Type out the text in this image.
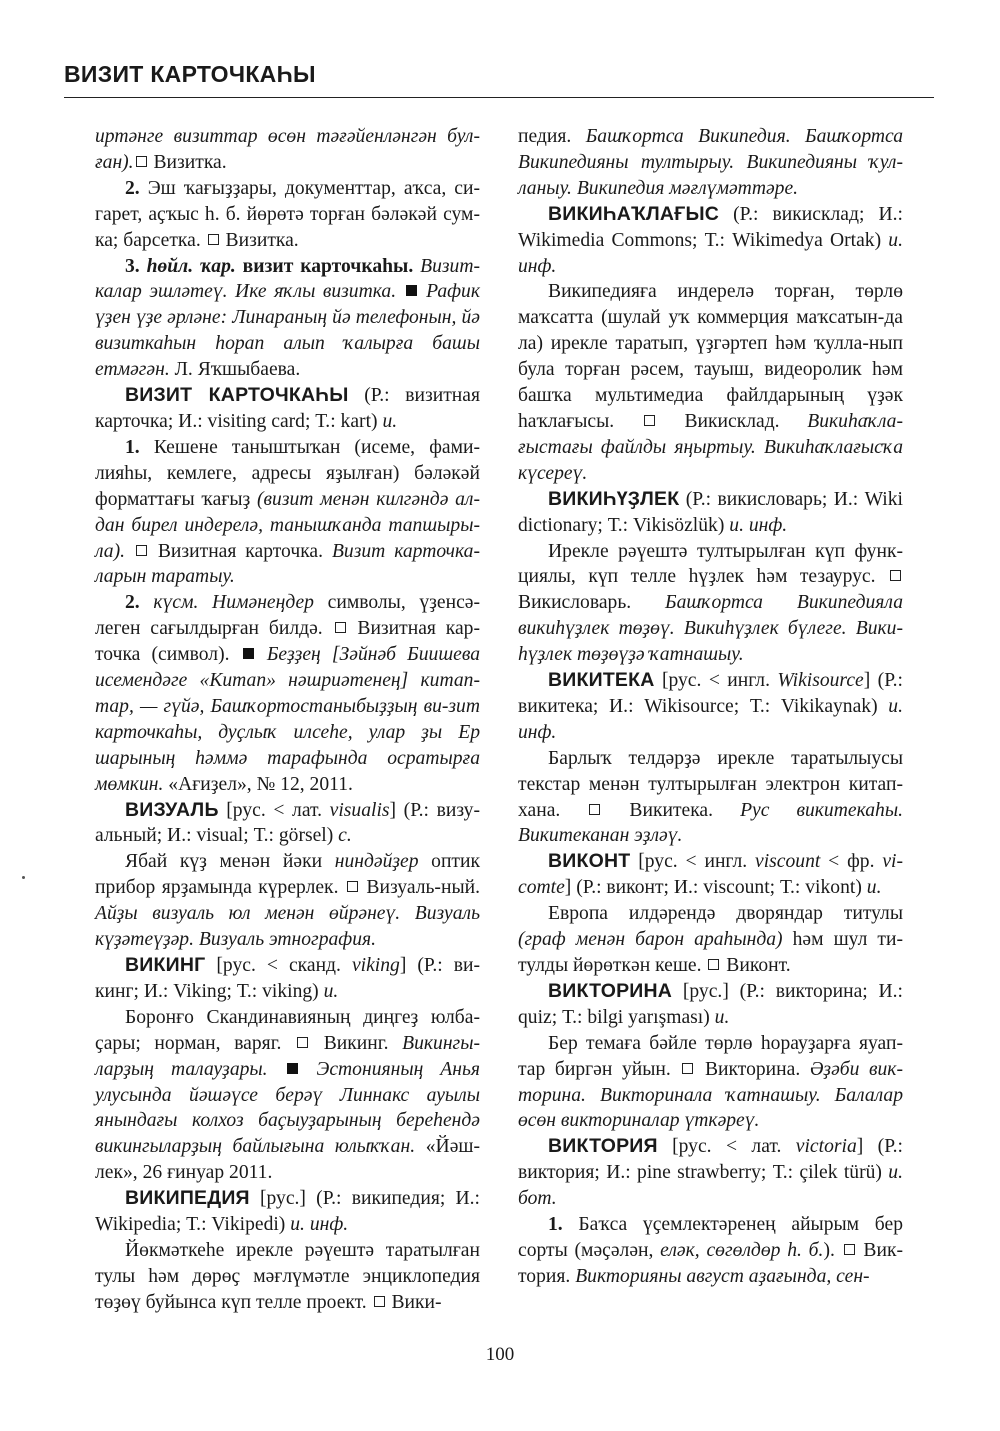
ВИЗИТ КАРТОЧКАҺЫ

иртәнге визиттар өсөн тәғәйенләнгән бул-ған). Визитка.

2. Эш ҡағыҙҙары, документтар, аҡса, си-гарет, аҫҡыс һ. б. йөрөтә торған бәләкәй сум-ка; барсетка.  Визитка.

3. һөйл. ҡар. визит карточкаһы. Визит-калар эшләтеү. Ике яҡлы визитка.  Рафик үҙен үҙе әрләне: Линараның йә телефонын, йә визиткаһын һорап алып ҡалырға башы етмәгән. Л. Яҡшыбаева.

ВИЗИТ КАРТОЧКАҺЫ (Р.: визитная карточка; И.: visiting card; Т.: kart) и.

1. Кешене таныштыҡан (исеме, фами-лияһы, кемлеге, адресы яҙылған) бәләкәй форматтағы ҡағыҙ (визит менән килгәндә ал-дан бирел индерелә, танышҡанда тапшыры-ла).  Визитная карточка. Визит карточка-ларын таратыу.

2. күсм. Нимәнеңдер символы, үҙенсә-леген сағылдырған билдә.  Визитная кар-точка (символ).  Беҙҙең [Зәйнәб Биишева исемендәге «Китап» нәшриәтенең] китап-тар, — гүйә, Башҡортостаныбыҙҙың ви-зит карточкаһы, дуҫлыҡ илсеһе, улар ҙы Ер шарының һәммә тарафында осратырға мөмкин. «Ағиҙел», № 12, 2011.

ВИЗУАЛЬ [рус. < лат. visualis] (Р.: визу-альный; И.: visual; Т.: görsel) с.

Ябай күҙ менән йәки ниндәйҙер оптик прибор ярҙамында күрерлек.  Визуаль-ный. Айҙы визуаль юл менән өйрәнеү. Визуаль күҙәтеүҙәр. Визуаль этнография.

ВИКИНГ [рус. < сканд. viking] (Р.: ви-кинг; И.: Viking; Т.: viking) и.

Боронғо Скандинавияның диңгеҙ юлба-ҫары; норман, варяг.  Викинг. Викингы-ларҙың талауҙары.  Эстонияның Анья улусында йәшәүсе берәү Линнакс ауылы янындағы колхоз баҫыуҙарының береһендә викингыларҙың байлығына юлыҡҡан. «Йәш-лек», 26 ғинуар 2011.

ВИКИПЕДИЯ [рус.] (Р.: википедия; И.: Wikipedia; Т.: Vikipedi) и. инф.

Йөкмәткеһе ирекле рәүештә таратылған тулы һәм дөрөҫ мәғлүмәтле энциклопедия төҙөү буйынса күп телле проект.  Вики-

педия. Башҡортса Википедия. Башҡортса Википедияны тултырыу. Википедияны ҡул-ланыу. Википедия мәғлүмәттәре.

ВИКИҺАҠЛАҒЫС (Р.: викисклад; И.: Wikimedia Commons; Т.: Wikimedya Ortak) и. инф.

Википедияға индерелә торған, төрлө маҡсатта (шулай уҡ коммерция маҡсатын-да ла) ирекле таратып, үҙгәртеп һәм ҡулла-нып була торған рәсем, тауыш, видеоролик һәм башҡа мультимедиа файлдарының үҙәк һаҡлағысы.  Викисклад. Викиһаҡла-ғыстағы файлды яңыртыу. Викиһаҡлағысҡа күсереү.

ВИКИҺҮҘЛЕК (Р.: викисловарь; И.: Wiki dictionary; Т.: Vikisözlük) и. инф.

Ирекле рәүештә тултырылған күп функ-циялы, күп телле һүҙлек һәм тезаурус.  Викисловарь. Башҡортса Википедияла викиһүҙлек төҙөү. Викиһүҙлек бүлеге. Вики-һүҙлек төҙөүҙә ҡатнашыу.

ВИКИТЕКА [рус. < ингл. Wikisource] (Р.: викитека; И.: Wikisource; Т.: Vikikaynak) и. инф.

Барлыҡ телдәрҙә ирекле таратылыусы текстар менән тултырылған электрон китап-хана.  Викитека. Рус викитекаһы. Викитеканан эҙләү.

ВИКОНТ [рус. < ингл. viscount < фр. vi-comte] (Р.: виконт; И.: viscount; Т.: vikont) и.

Европа илдәрендә дворяндар титулы (граф менән барон араһында) һәм шул ти-тулды йөрөткән кеше.  Виконт.

ВИКТОРИНА [рус.] (Р.: викторина; И.: quiz; Т.: bilgi yarışması) и.

Бер темаға бәйле төрлө һорауҙарға яуап-тар биргән уйын.  Викторина. Әҙәби вик-торина. Викторинала ҡатнашыу. Балалар өсөн викториналар үткәреү.

ВИКТОРИЯ [рус. < лат. victoria] (Р.: виктория; И.: pine strawberry; Т.: çilek türü) и. бот.

1. Баҡса үҫемлектәренең айырым бер сорты (мәҫәлән, еләк, сөгөлдөр һ. б.).  Вик-тория. Викторияны август аҙағында, сен-

100
